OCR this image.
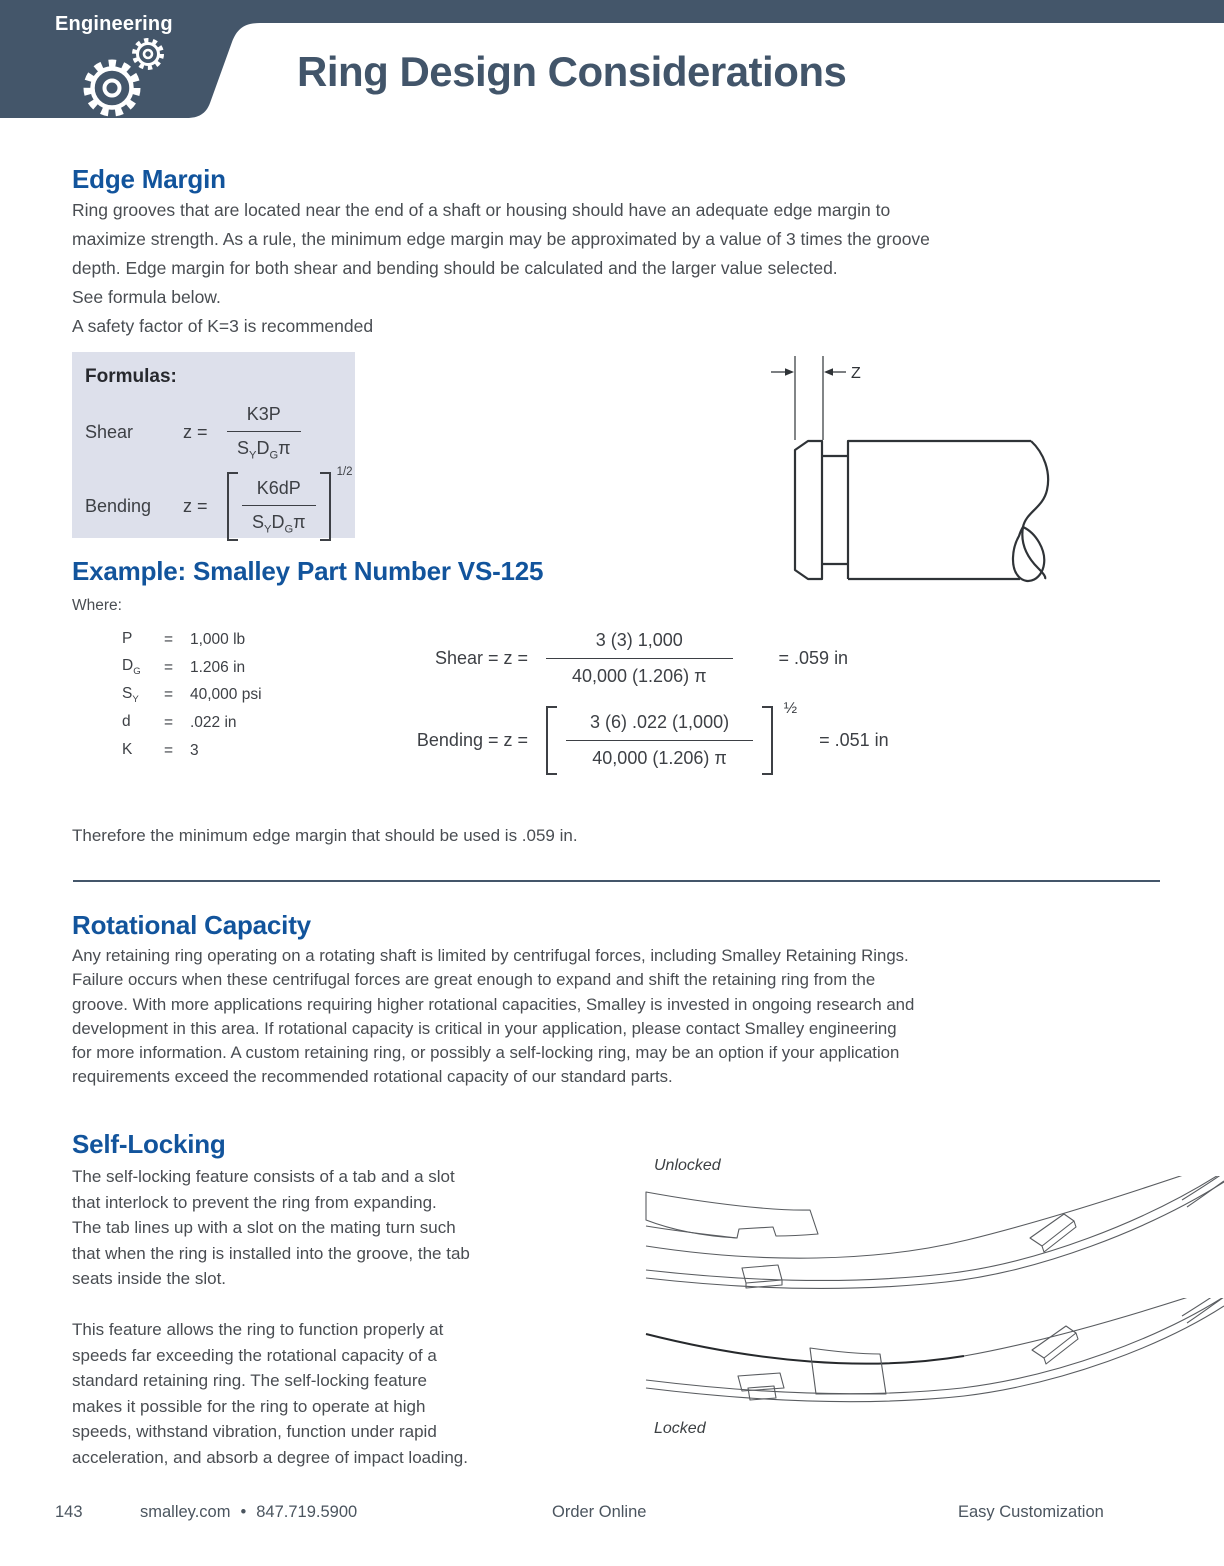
Engineering
Ring Design Considerations
Edge Margin
Ring grooves that are located near the end of a shaft or housing should have an adequate edge margin to
maximize strength. As a rule, the minimum edge margin may be approximated by a value of 3 times the groove
depth. Edge margin for both shear and bending should be calculated and the larger value selected.
See formula below.
A safety factor of K=3 is recommended
Formulas:
Shear	z =	$\frac{K3P}{S_YD_G\pi}$
Bending	z =	$\frac{K6dP}{S_YD_G\pi}$
1/2
Z
Example: Smalley Part Number VS-125
Where:
P	=	1,000 lb
$D_G$	=	1.206 in
$S_Y$	=	40,000 psi
d	=	.022 in
K	=	3
Shear = $z = \frac{3 (3) 1,000}{40,000 (1.206) \pi}$	= .059 in
Bending = $z = \frac{3 (6) .022 (1,000)}{40,000 (1.206) \pi}$
½
= .051 in
Therefore the minimum edge margin that should be used is .059 in.
Rotational Capacity
Any retaining ring operating on a rotating shaft is limited by centrifugal forces, including Smalley Retaining Rings.
Failure occurs when these centrifugal forces are great enough to expand and shift the retaining ring from the
groove. With more applications requiring higher rotational capacities, Smalley is invested in ongoing research and
development in this area. If rotational capacity is critical in your application, please contact Smalley engineering
for more information. A custom retaining ring, or possibly a self-locking ring, may be an option if your application
requirements exceed the recommended rotational capacity of our standard parts.
Self-Locking
The self-locking feature consists of a tab and a slot
that interlock to prevent the ring from expanding.
The tab lines up with a slot on the mating turn such
that when the ring is installed into the groove, the tab
seats inside the slot.
This feature allows the ring to function properly at
speeds far exceeding the rotational capacity of a
standard retaining ring. The self-locking feature
makes it possible for the ring to operate at high
speeds, withstand vibration, function under rapid
acceleration, and absorb a degree of impact loading.
Unlocked
Locked
143	smalley.com • 847.719.5900	Order Online	Easy Customization
